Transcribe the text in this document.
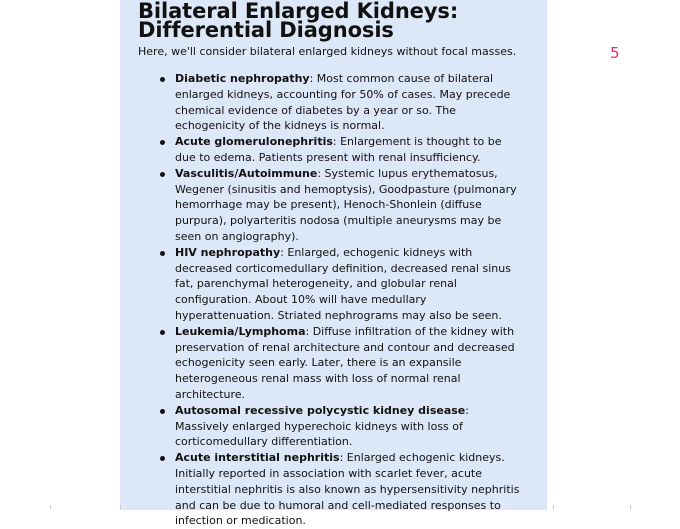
Bilateral Enlarged Kidneys:
Differential Diagnosis

Here, we'll consider bilateral enlarged kidneys without focal masses.

Diabetic nephropathy: Most common cause of bilateral enlarged kidneys, accounting for 50% of cases. May precede chemical evidence of diabetes by a year or so. The echogenicity of the kidneys is normal.
Acute glomerulonephritis: Enlargement is thought to be due to edema. Patients present with renal insufficiency.
Vasculitis/Autoimmune: Systemic lupus erythematosus, Wegener (sinusitis and hemoptysis), Goodpasture (pulmonary hemorrhage may be present), Henoch-Shonlein (diffuse purpura), polyarteritis nodosa (multiple aneurysms may be seen on angiography).
HIV nephropathy: Enlarged, echogenic kidneys with decreased corticomedullary definition, decreased renal sinus fat, parenchymal heterogeneity, and globular renal configuration. About 10% will have medullary hyperattenuation. Striated nephrograms may also be seen.
Leukemia/Lymphoma: Diffuse infiltration of the kidney with preservation of renal architecture and contour and decreased echogenicity seen early. Later, there is an expansile heterogeneous renal mass with loss of normal renal architecture.
Autosomal recessive polycystic kidney disease: Massively enlarged hyperechoic kidneys with loss of corticomedullary differentiation.
Acute interstitial nephritis: Enlarged echogenic kidneys. Initially reported in association with scarlet fever, acute interstitial nephritis is also known as hypersensitivity nephritis and can be due to humoral and cell-mediated responses to infection or medication.
5
